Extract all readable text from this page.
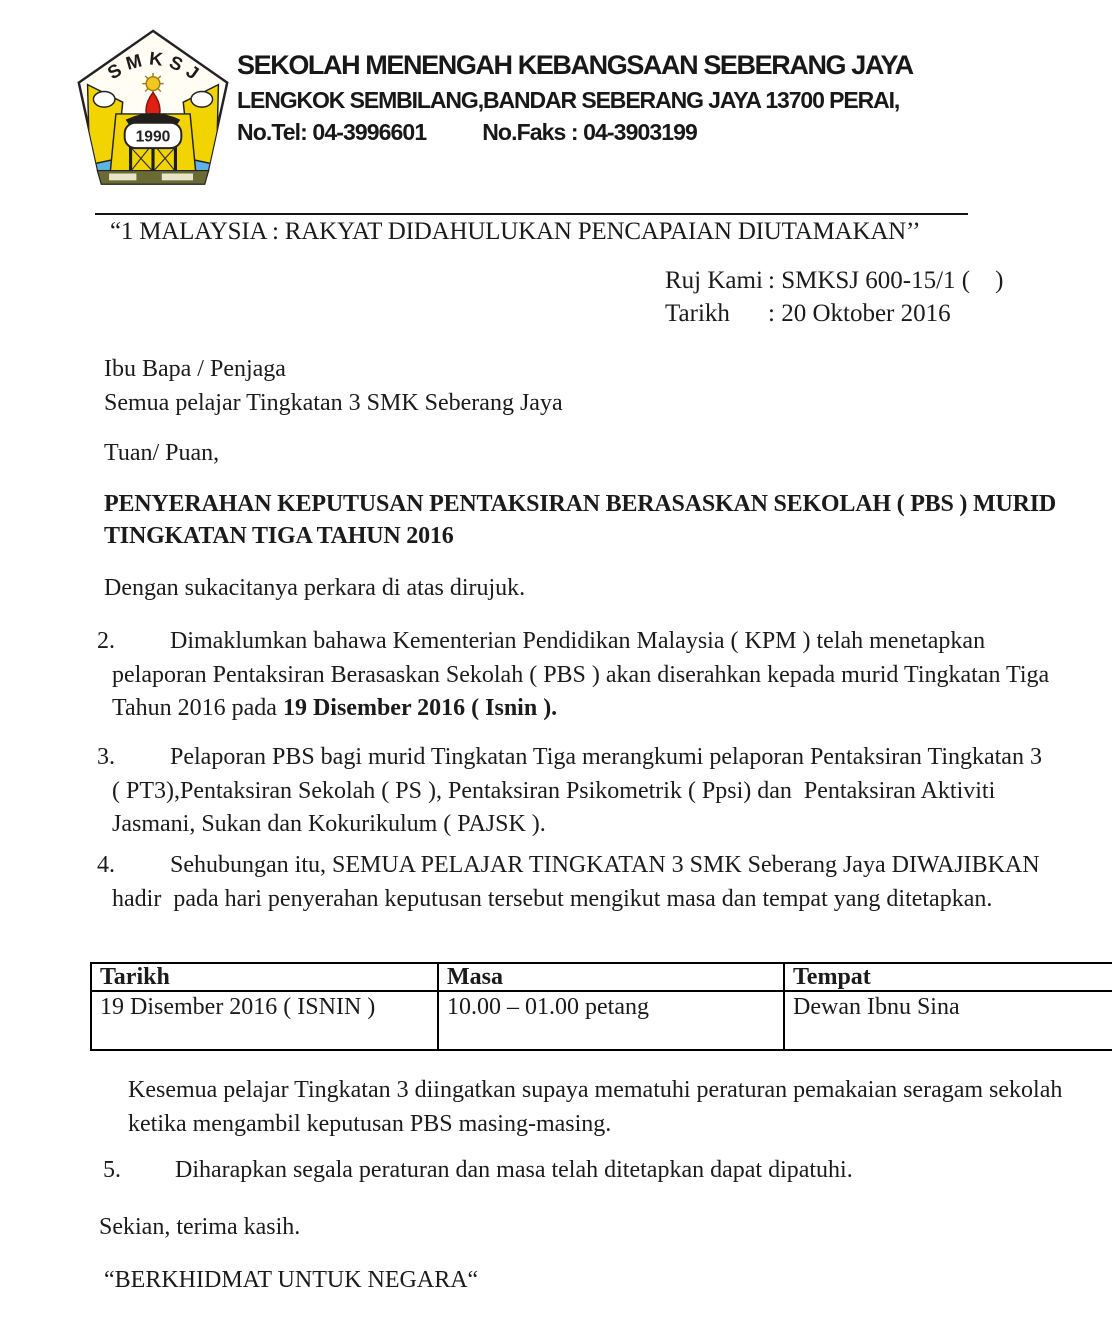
1990
SMKSJ SEKOLAH MENENGAH KEBANGSAAN SEBERANG JAYA
LENGKOK SEMBILANG,BANDAR SEBERANG JAYA 13700 PERAI,
No.Tel: 04-3996601 No.Faks : 04-3903199
“1 MALAYSIA : RAKYAT DIDAHULUKAN PENCAPAIAN DIUTAMAKAN’’
Ruj Kami : SMKSJ 600-15/1 (    )
Tarikh : 20 Oktober 2016
Ibu Bapa / Penjaga
Semua pelajar Tingkatan 3 SMK Seberang Jaya
Tuan/ Puan,
PENYERAHAN KEPUTUSAN PENTAKSIRAN BERASASKAN SEKOLAH ( PBS ) MURID
TINGKATAN TIGA TAHUN 2016
Dengan sukacitanya perkara di atas dirujuk.
2. Dimaklumkan bahawa Kementerian Pendidikan Malaysia ( KPM ) telah menetapkan
pelaporan Pentaksiran Berasaskan Sekolah ( PBS ) akan diserahkan kepada murid Tingkatan Tiga
Tahun 2016 pada 19 Disember 2016 ( Isnin ).
3. Pelaporan PBS bagi murid Tingkatan Tiga merangkumi pelaporan Pentaksiran Tingkatan 3
( PT3),Pentaksiran Sekolah ( PS ), Pentaksiran Psikometrik ( Ppsi) dan  Pentaksiran Aktiviti
Jasmani, Sukan dan Kokurikulum ( PAJSK ).
4. Sehubungan itu, SEMUA PELAJAR TINGKATAN 3 SMK Seberang Jaya DIWAJIBKAN
hadir  pada hari penyerahan keputusan tersebut mengikut masa dan tempat yang ditetapkan.
Tarikh	Masa	Tempat
19 Disember 2016 ( ISNIN )	10.00 – 01.00 petang	Dewan Ibnu Sina
Kesemua pelajar Tingkatan 3 diingatkan supaya mematuhi peraturan pemakaian seragam sekolah
ketika mengambil keputusan PBS masing-masing.
5. Diharapkan segala peraturan dan masa telah ditetapkan dapat dipatuhi.
Sekian, terima kasih.
“BERKHIDMAT UNTUK NEGARA“
